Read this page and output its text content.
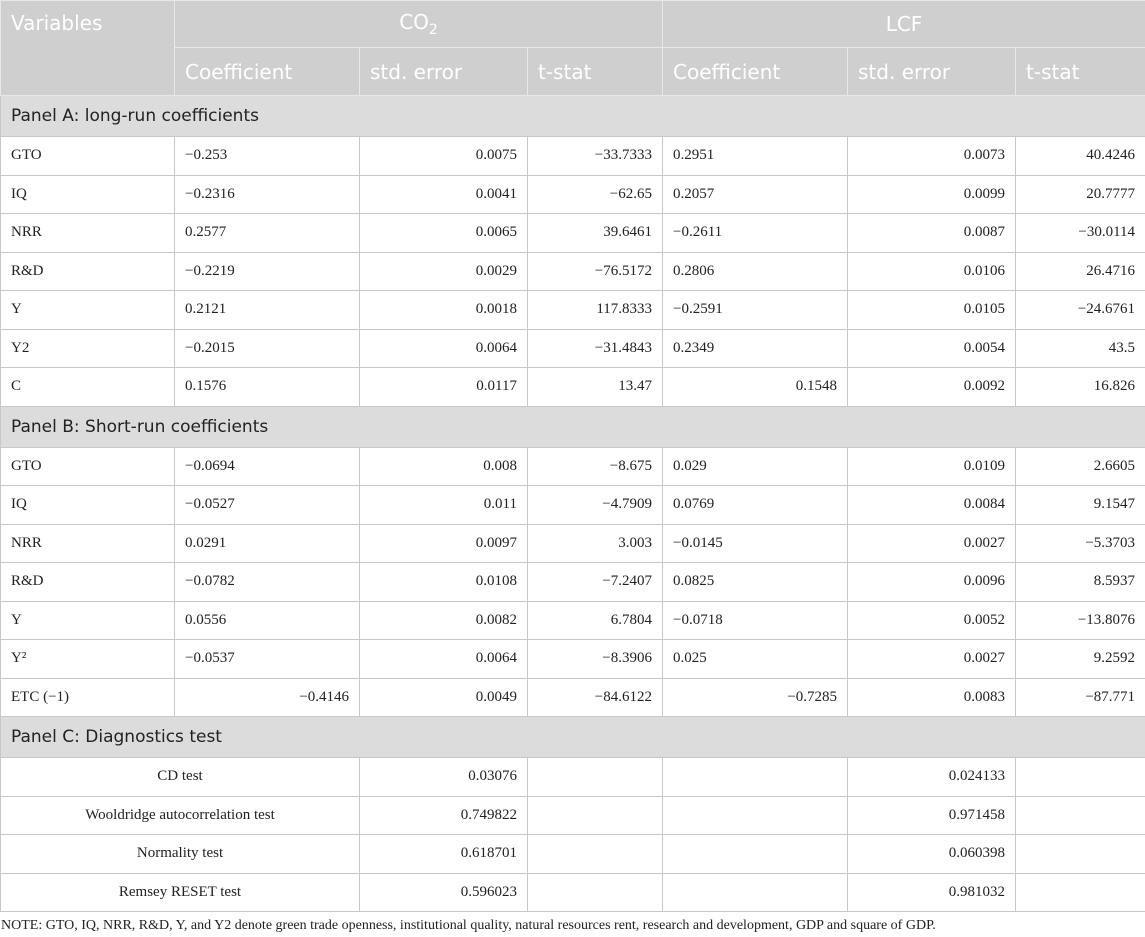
Variables	$CO_2$			LCF		
	Coefficient	std. error	t-stat	Coefficient	std. error	t-stat
Panel A: long-run coefficients						
GTO	−0.253	0.0075	−33.7333	0.2951	0.0073	40.4246
IQ	−0.2316	0.0041	−62.65	0.2057	0.0099	20.7777
NRR	0.2577	0.0065	39.6461	−0.2611	0.0087	−30.0114
R&D	−0.2219	0.0029	−76.5172	0.2806	0.0106	26.4716
Y	0.2121	0.0018	117.8333	−0.2591	0.0105	−24.6761
Y2	−0.2015	0.0064	−31.4843	0.2349	0.0054	43.5
C	0.1576	0.0117	13.47	0.1548	0.0092	16.826
Panel B: Short-run coefficients						
GTO	−0.0694	0.008	−8.675	0.029	0.0109	2.6605
IQ	−0.0527	0.011	−4.7909	0.0769	0.0084	9.1547
NRR	0.0291	0.0097	3.003	−0.0145	0.0027	−5.3703
R&D	−0.0782	0.0108	−7.2407	0.0825	0.0096	8.5937
Y	0.0556	0.0082	6.7804	−0.0718	0.0052	−13.8076
Y²	−0.0537	0.0064	−8.3906	0.025	0.0027	9.2592
ETC (−1)	−0.4146	0.0049	−84.6122	−0.7285	0.0083	−87.771
Panel C: Diagnostics test						
CD test		0.03076			0.024133	
Wooldridge autocorrelation test		0.749822			0.971458	
Normality test		0.618701			0.060398	
Remsey RESET test		0.596023			0.981032	
NOTE: GTO, IQ, NRR, R&D, Y, and Y2 denote green trade openness, institutional quality, natural resources rent, research and development, GDP and square of GDP.
